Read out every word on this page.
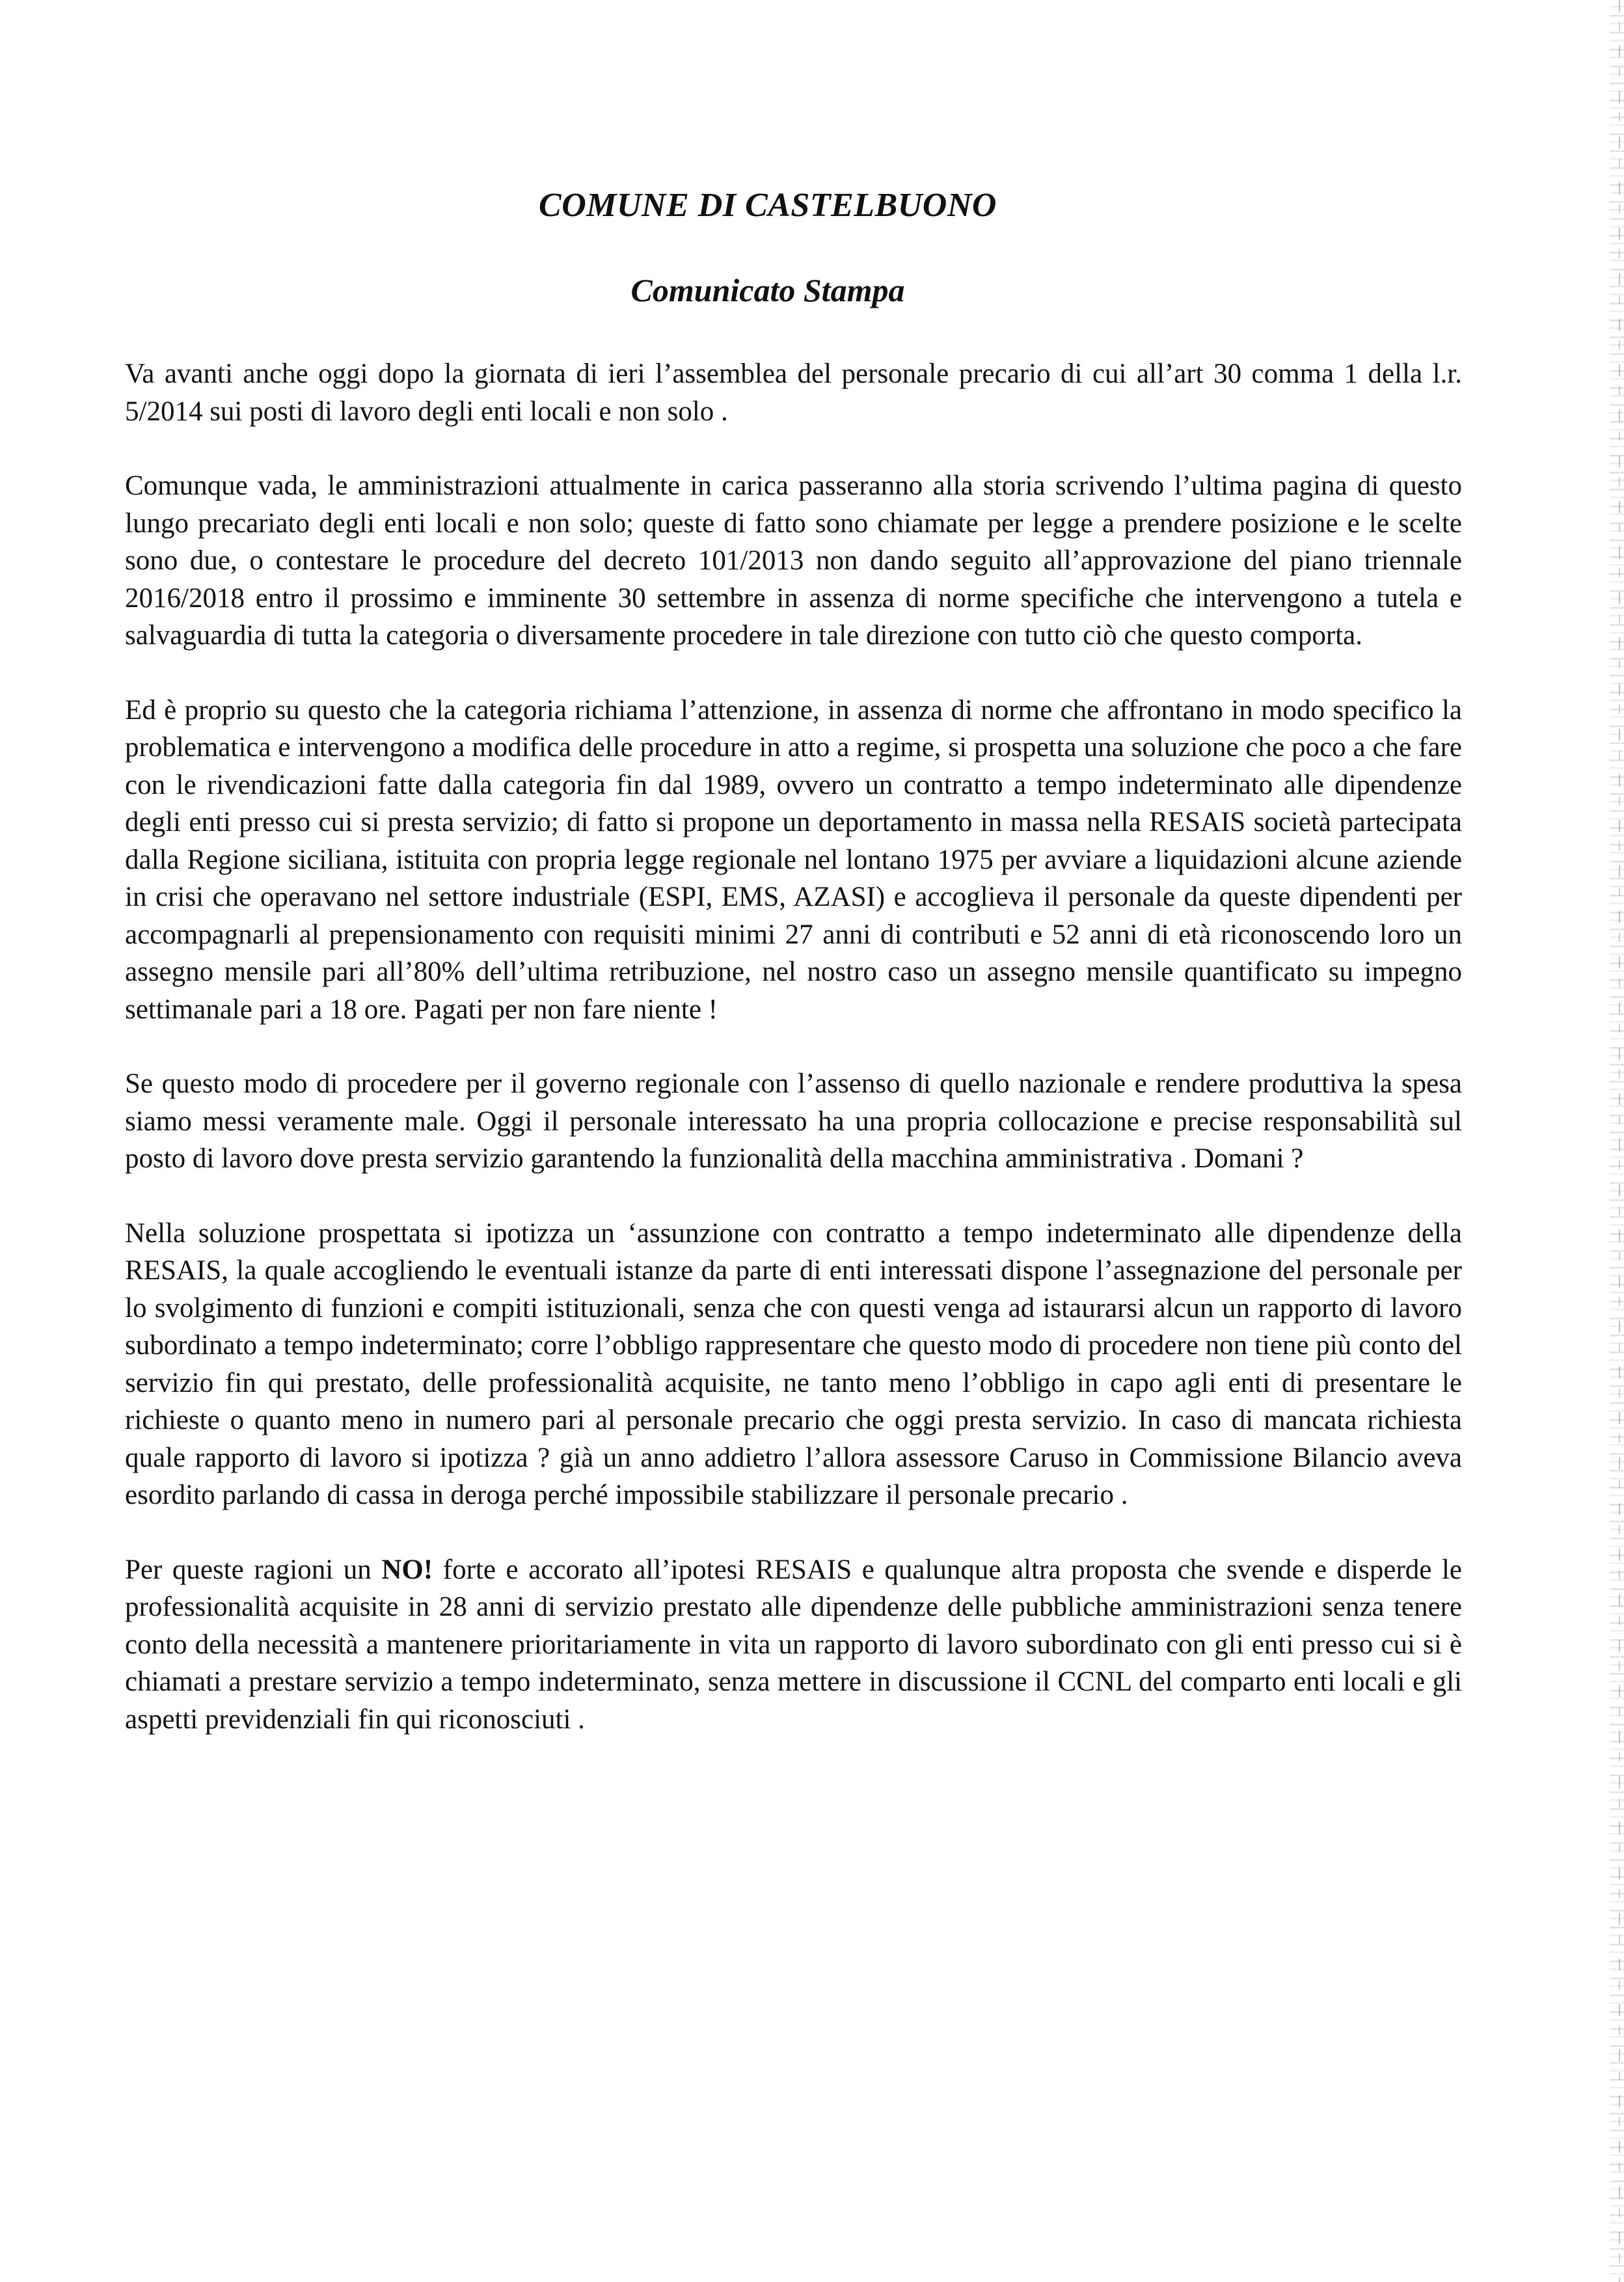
COMUNE DI CASTELBUONO
Comunicato Stampa

Va avanti anche oggi dopo la giornata di ieri l’assemblea del personale precario di cui all’art 30 comma 1 della l.r. 5/2014 sui posti di lavoro degli enti locali e non solo .

Comunque vada, le amministrazioni attualmente in carica passeranno alla storia scrivendo l’ultima pagina di questo lungo precariato degli enti locali e non solo; queste di fatto sono chiamate per legge a prendere posizione e le scelte sono due, o contestare le procedure del decreto 101/2013 non dando seguito all’approvazione del piano triennale 2016/2018 entro il prossimo e imminente 30 settembre in assenza di norme specifiche che intervengono a tutela e salvaguardia di tutta la categoria o diversamente procedere in tale direzione con tutto ciò che questo comporta.

Ed è proprio su questo che la categoria richiama l’attenzione, in assenza di norme che affrontano in modo specifico la problematica e intervengono a modifica delle procedure in atto a regime, si prospetta una soluzione che poco a che fare con le rivendicazioni fatte dalla categoria fin dal 1989, ovvero un contratto a tempo indeterminato alle dipendenze degli enti presso cui si presta servizio; di fatto si propone un deportamento in massa nella RESAIS società partecipata dalla Regione siciliana, istituita con propria legge regionale nel lontano 1975 per avviare a liquidazioni alcune aziende in crisi che operavano nel settore industriale (ESPI, EMS, AZASI) e accoglieva il personale da queste dipendenti per accompagnarli al prepensionamento con requisiti minimi 27 anni di contributi e 52 anni di età riconoscendo loro un assegno mensile pari all’80% dell’ultima retribuzione, nel nostro caso un assegno mensile quantificato su impegno settimanale pari a 18 ore. Pagati per non fare niente !

Se questo modo di procedere per il governo regionale con l’assenso di quello nazionale e rendere produttiva la spesa siamo messi veramente male. Oggi il personale interessato ha una propria collocazione e precise responsabilità sul posto di lavoro dove presta servizio garantendo la funzionalità della macchina amministrativa . Domani ?

Nella soluzione prospettata si ipotizza un ‘assunzione con contratto a tempo indeterminato alle dipendenze della RESAIS, la quale accogliendo le eventuali istanze da parte di enti interessati dispone l’assegnazione del personale per lo svolgimento di funzioni e compiti istituzionali, senza che con questi venga ad istaurarsi alcun un rapporto di lavoro subordinato a tempo indeterminato; corre l’obbligo rappresentare che questo modo di procedere non tiene più conto del servizio fin qui prestato, delle professionalità acquisite, ne tanto meno l’obbligo in capo agli enti di presentare le richieste o quanto meno in numero pari al personale precario che oggi presta servizio. In caso di mancata richiesta quale rapporto di lavoro si ipotizza ? già un anno addietro l’allora assessore Caruso in Commissione Bilancio aveva esordito parlando di cassa in deroga perché impossibile stabilizzare il personale precario .

Per queste ragioni un NO! forte e accorato all’ipotesi RESAIS e qualunque altra proposta che svende e disperde le professionalità acquisite in 28 anni di servizio prestato alle dipendenze delle pubbliche amministrazioni senza tenere conto della necessità a mantenere prioritariamente in vita un rapporto di lavoro subordinato con gli enti presso cui si è chiamati a prestare servizio a tempo indeterminato, senza mettere in discussione il CCNL del comparto enti locali e gli aspetti previdenziali fin qui riconosciuti .
